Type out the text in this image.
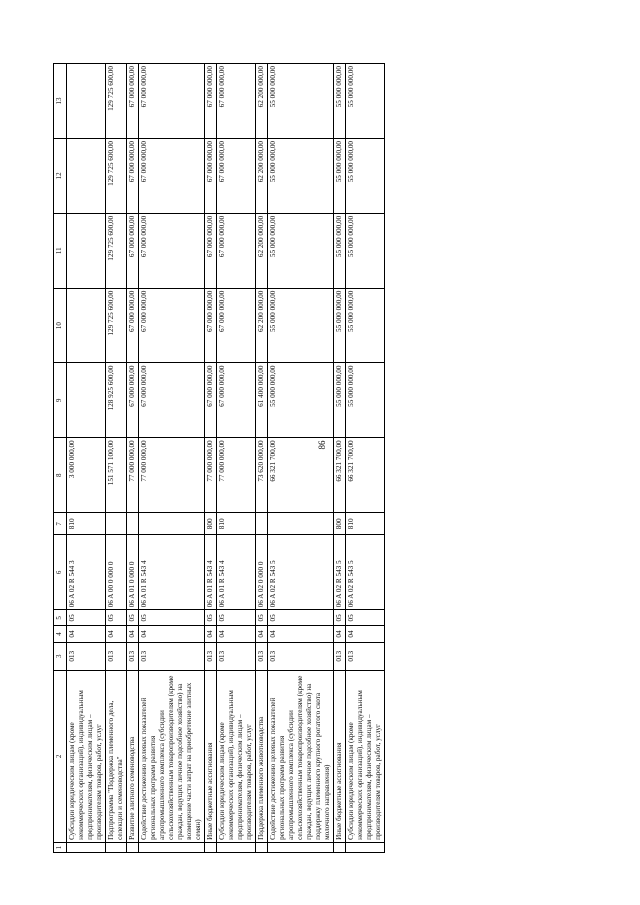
86
1	2	3	4	5	6	7	8	9	10	11	12	13
	Субсидии юридическим лицам (кроме некоммерческих организаций), индивидуальным предпринимателям, физическим лицам – производителям товаров, работ, услуг	013	04	05	06 A 02 R 544 3	810	3 000 000,00					
	Подпрограмма "Поддержка племенного дела, селекции и семеноводства"	013	04	05	06 A 00 0 000 0		151 571 100,00	128 925 600,00	129 725 600,00	129 725 600,00	129 725 600,00	129 725 600,00
	Развитие элитного семеноводства	013	04	05	06 A 01 0 000 0		77 000 000,00	67 000 000,00	67 000 000,00	67 000 000,00	67 000 000,00	67 000 000,00
	Содействие достижению целевых показателей региональных программ развития агропромышленного комплекса (субсидии сельскохозяйственным товаропроизводителям (кроме граждан, ведущих личное подсобное хозяйство) на возмещение части затрат на приобретение элитных семян)	013	04	05	06 A 01 R 543 4		77 000 000,00	67 000 000,00	67 000 000,00	67 000 000,00	67 000 000,00	67 000 000,00
	Иные бюджетные ассигнования	013	04	05	06 A 01 R 543 4	800	77 000 000,00	67 000 000,00	67 000 000,00	67 000 000,00	67 000 000,00	67 000 000,00
	Субсидии юридическим лицам (кроме некоммерческих организаций), индивидуальным предпринимателям, физическим лицам – производителям товаров, работ, услуг	013	04	05	06 A 01 R 543 4	810	77 000 000,00	67 000 000,00	67 000 000,00	67 000 000,00	67 000 000,00	67 000 000,00
	Поддержка племенного животноводства	013	04	05	06 A 02 0 000 0		73 620 000,00	61 400 000,00	62 200 000,00	62 200 000,00	62 200 000,00	62 200 000,00
	Содействие достижению целевых показателей региональных программ развития агропромышленного комплекса (субсидии сельскохозяйственным товаропроизводителям (кроме граждан, ведущих личное подсобное хозяйство) на поддержку племенного крупного рогатого скота молочного направления)	013	04	05	06 A 02 R 543 5		66 321 700,00	55 000 000,00	55 000 000,00	55 000 000,00	55 000 000,00	55 000 000,00
	Иные бюджетные ассигнования	013	04	05	06 A 02 R 543 5	800	66 321 700,00	55 000 000,00	55 000 000,00	55 000 000,00	55 000 000,00	55 000 000,00
	Субсидии юридическим лицам (кроме некоммерческих организаций), индивидуальным предпринимателям, физическим лицам – производителям товаров, работ, услуг	013	04	05	06 A 02 R 543 5	810	66 321 700,00	55 000 000,00	55 000 000,00	55 000 000,00	55 000 000,00	55 000 000,00
